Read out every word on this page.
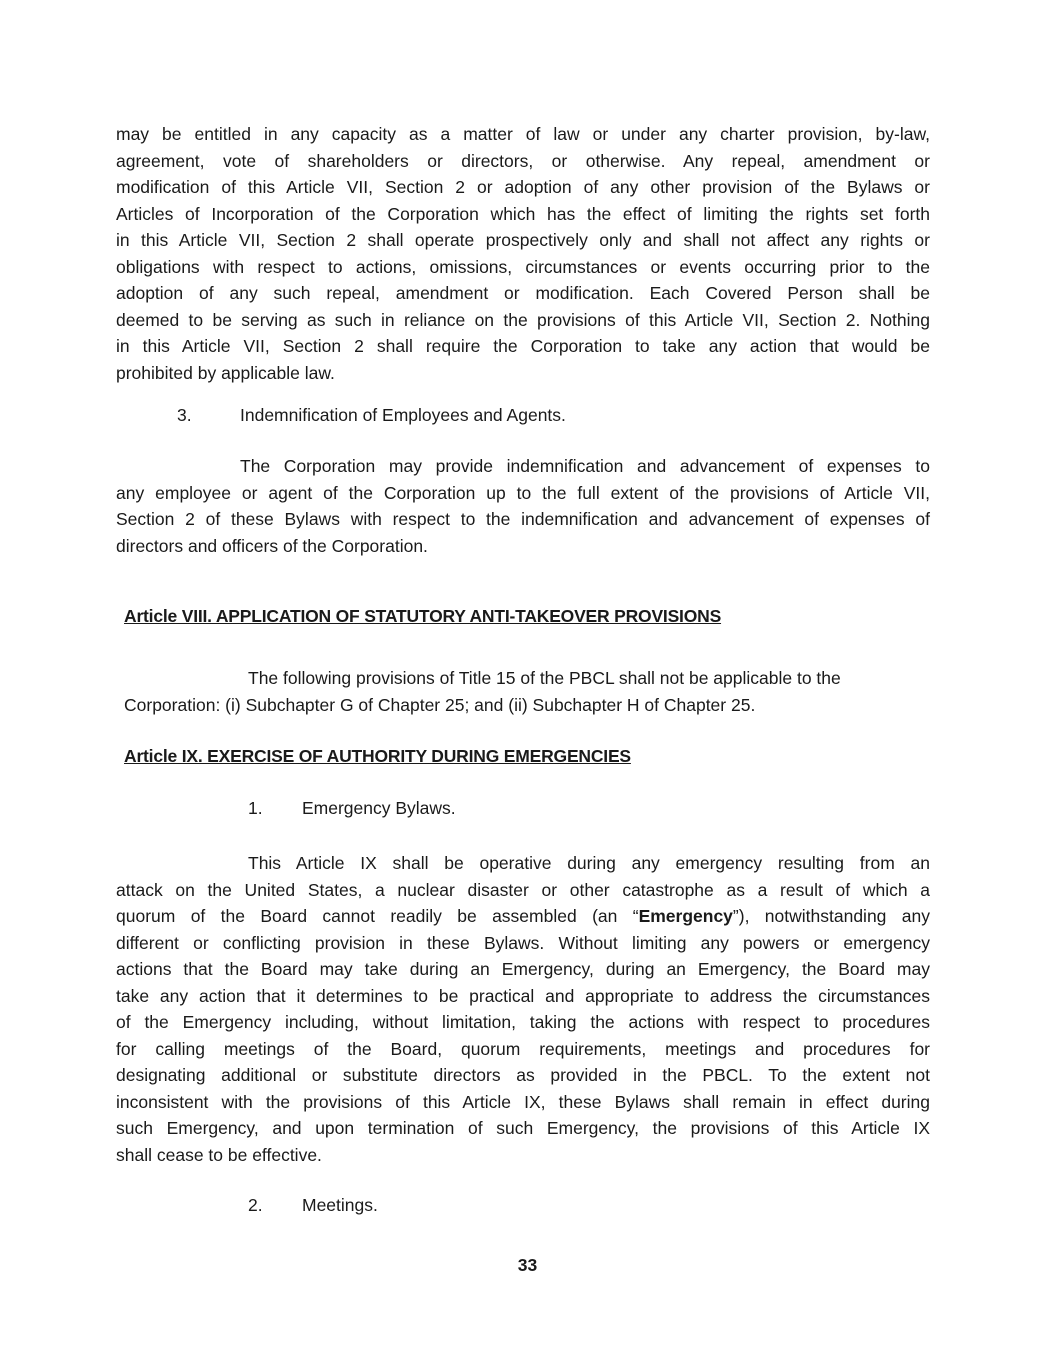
may be entitled in any capacity as a matter of law or under any charter provision, by-law,
agreement, vote of shareholders or directors, or otherwise. Any repeal, amendment or
modification of this Article VII, Section 2 or adoption of any other provision of the Bylaws or
Articles of Incorporation of the Corporation which has the effect of limiting the rights set forth
in this Article VII, Section 2 shall operate prospectively only and shall not affect any rights or
obligations with respect to actions, omissions, circumstances or events occurring prior to the
adoption of any such repeal, amendment or modification. Each Covered Person shall be
deemed to be serving as such in reliance on the provisions of this Article VII, Section 2. Nothing
in this Article VII, Section 2 shall require the Corporation to take any action that would be
prohibited by applicable law.
3.	Indemnification of Employees and Agents.
The Corporation may provide indemnification and advancement of expenses to
any employee or agent of the Corporation up to the full extent of the provisions of Article VII,
Section 2 of these Bylaws with respect to the indemnification and advancement of expenses of
directors and officers of the Corporation.
Article VIII. APPLICATION OF STATUTORY ANTI-TAKEOVER PROVISIONS
The following provisions of Title 15 of the PBCL shall not be applicable to the
Corporation: (i) Subchapter G of Chapter 25; and (ii) Subchapter H of Chapter 25.
Article IX. EXERCISE OF AUTHORITY DURING EMERGENCIES
1. Emergency Bylaws.
This Article IX shall be operative during any emergency resulting from an
attack on the United States, a nuclear disaster or other catastrophe as a result of which a
quorum of the Board cannot readily be assembled (an “Emergency”), notwithstanding any
different or conflicting provision in these Bylaws. Without limiting any powers or emergency
actions that the Board may take during an Emergency, during an Emergency, the Board may
take any action that it determines to be practical and appropriate to address the circumstances
of the Emergency including, without limitation, taking the actions with respect to procedures
for calling meetings of the Board, quorum requirements, meetings and procedures for
designating additional or substitute directors as provided in the PBCL. To the extent not
inconsistent with the provisions of this Article IX, these Bylaws shall remain in effect during
such Emergency, and upon termination of such Emergency, the provisions of this Article IX
shall cease to be effective.
2. Meetings.
33
